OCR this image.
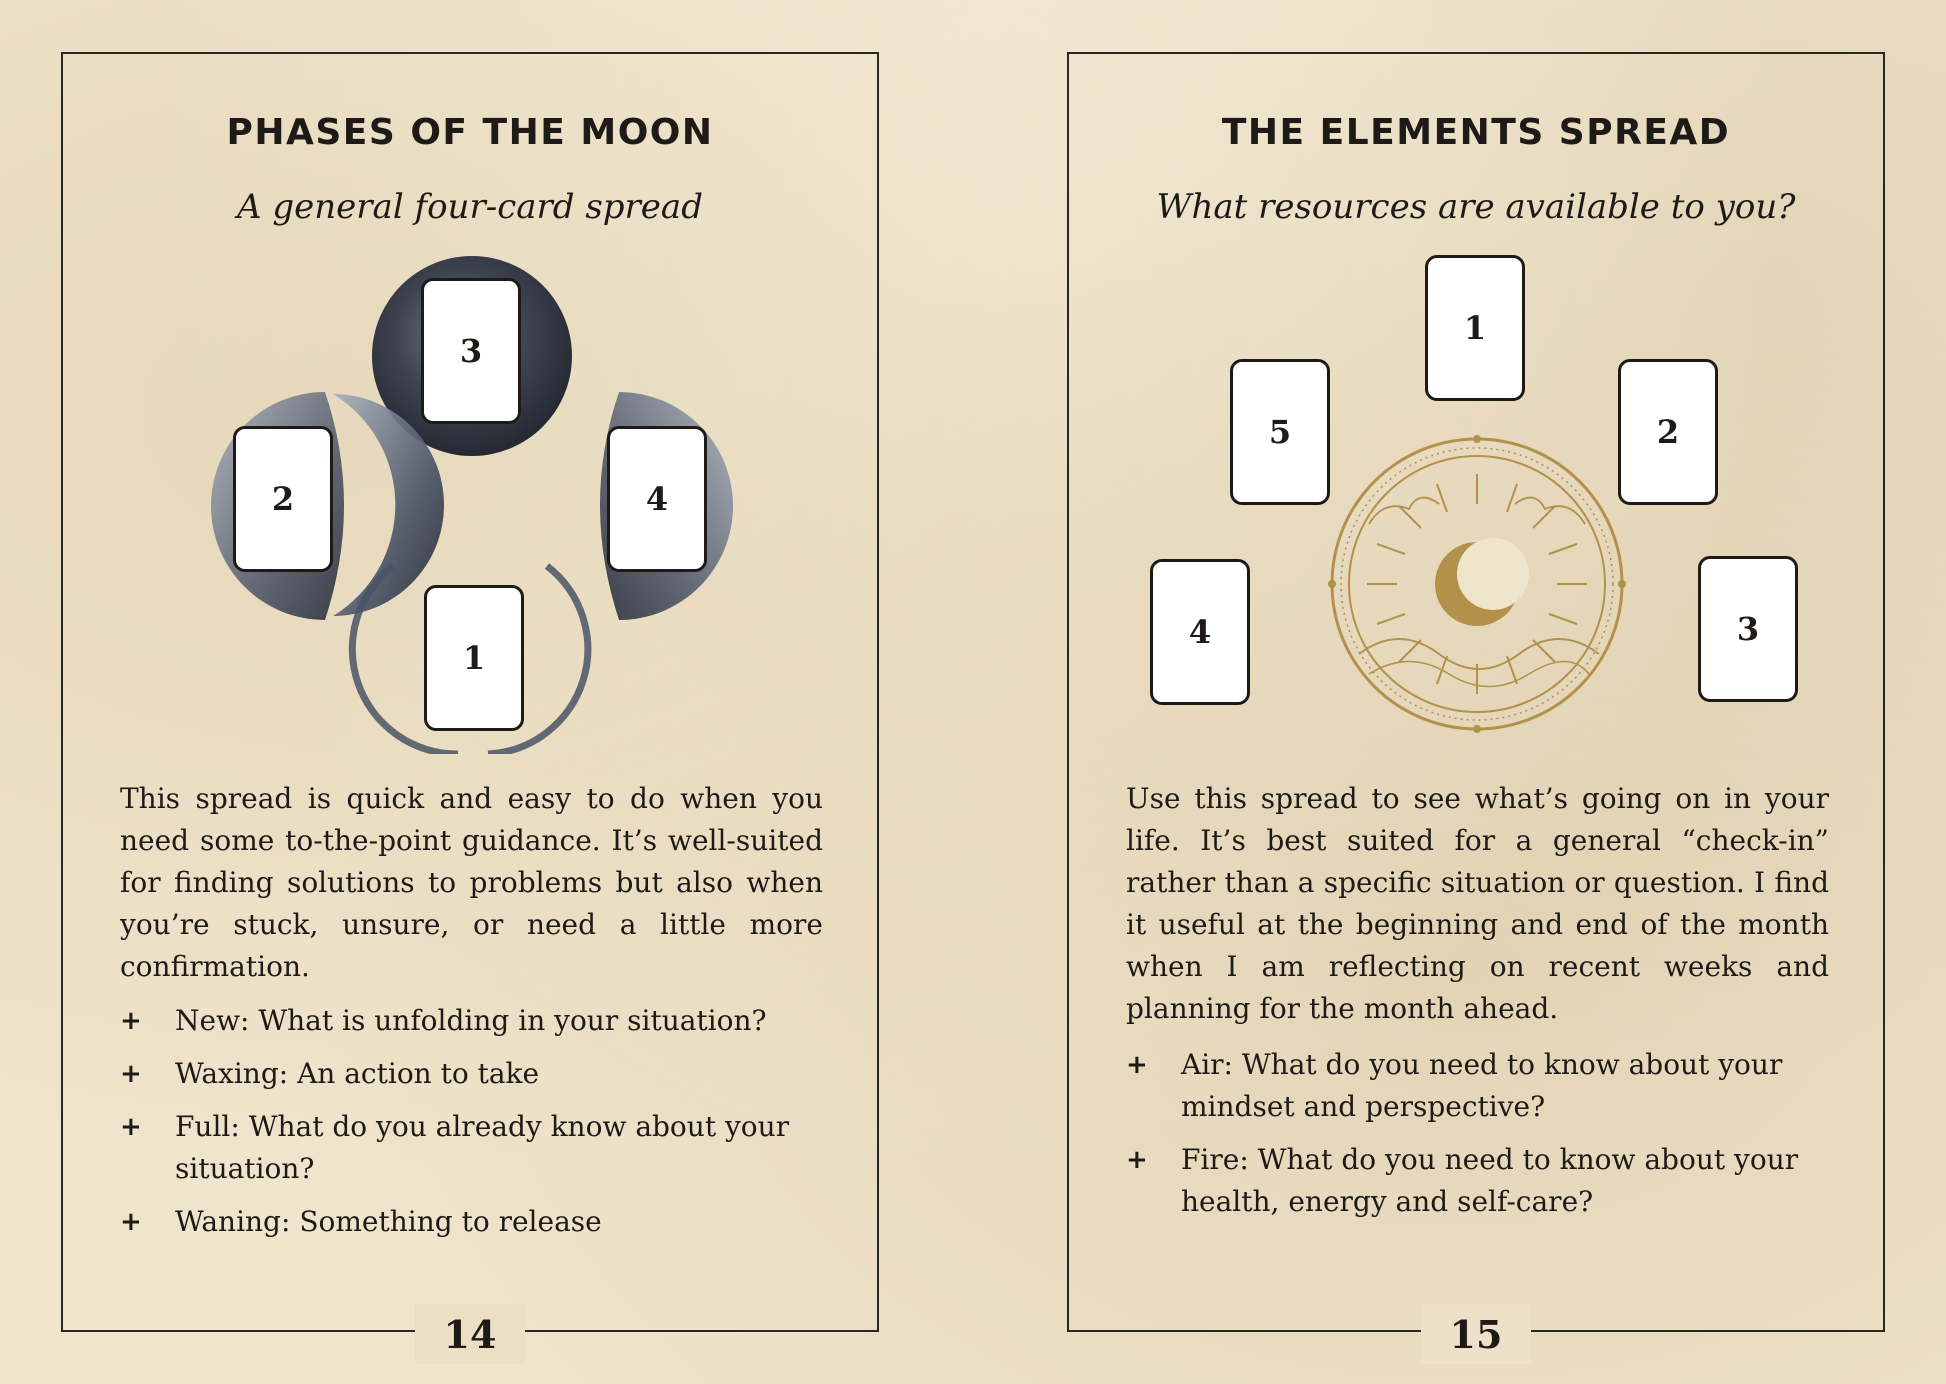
PHASES OF THE MOON

A general four-card spread

3
2	4
1

This spread is quick and easy to do when you need some to-the-point guidance. It’s well-suited for finding solutions to problems but also when you’re stuck, unsure, or need a little more confirmation.

+ New: What is unfolding in your situation?
+ Waxing: An action to take
+ Full: What do you already know about your situation?
+ Waning: Something to release
14
THE ELEMENTS SPREAD

What resources are available to you?

1
5	2
4	3

Use this spread to see what’s going on in your life. It’s best suited for a general “check-in” rather than a specific situation or question. I find it useful at the beginning and end of the month when I am reflecting on recent weeks and planning for the month ahead.

+ Air: What do you need to know about your mindset and perspective?
+ Fire: What do you need to know about your health, energy and self-care?
15
